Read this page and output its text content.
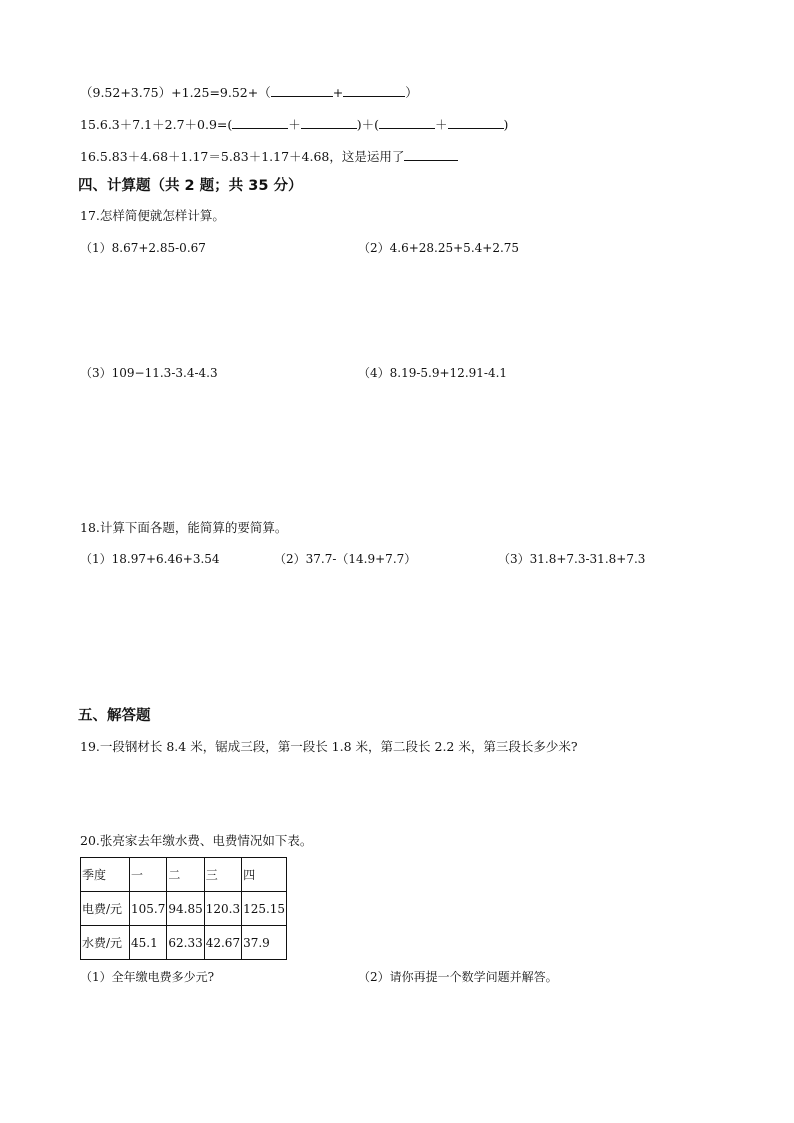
（9.52+3.75）+1.25=9.52+（	+	）
15.6.3＋7.1＋2.7＋0.9=(	＋	)＋(	＋	)
16.5.83＋4.68＋1.17＝5.83＋1.17＋4.68，这是运用了
四、计算题（共 2 题；共 35 分）
17.怎样简便就怎样计算。
（1）8.67+2.85-0.67	（2）4.6+28.25+5.4+2.75
（3）109−11.3-3.4-4.3	（4）8.19-5.9+12.91-4.1
18.计算下面各题，能简算的要简算。
（1）18.97+6.46+3.54	（2）37.7-（14.9+7.7）	（3）31.8+7.3-31.8+7.3
五、解答题
19.一段钢材长 8.4 米，锯成三段，第一段长 1.8 米，第二段长 2.2 米，第三段长多少米?
20.张亮家去年缴水费、电费情况如下表。
季度	一	二	三	四
电费/元	105.7	94.85	120.3	125.15
水费/元	45.1	62.33	42.67	37.9
（1）全年缴电费多少元?	（2）请你再提一个数学问题并解答。
